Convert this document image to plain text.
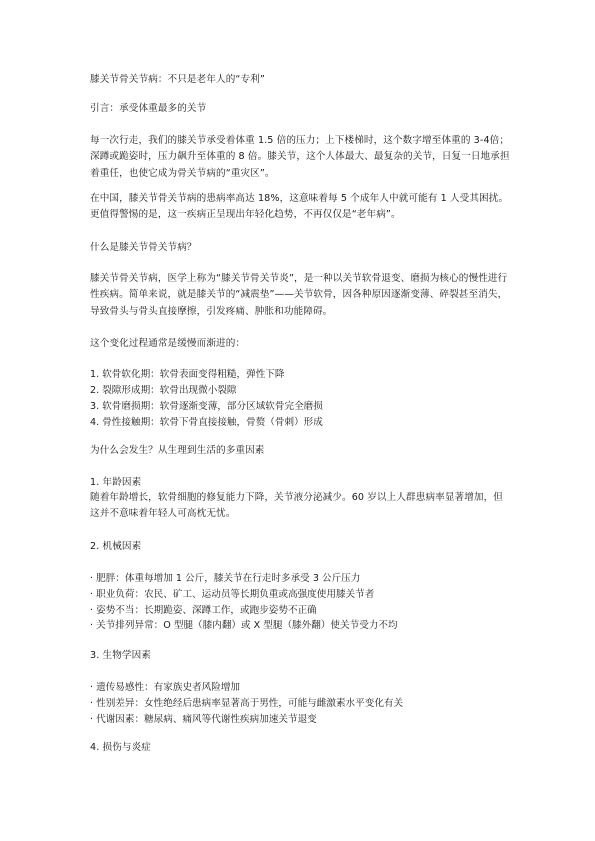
膝关节骨关节病：不只是老年人的“专利”

引言：承受体重最多的关节

每一次行走，我们的膝关节承受着体重 1.5 倍的压力；上下楼梯时，这个数字增至体重的 3-4倍；深蹲或跪姿时，压力飙升至体重的 8 倍。膝关节，这个人体最大、最复杂的关节，日复一日地承担着重任，也使它成为骨关节病的“重灾区”。

在中国，膝关节骨关节病的患病率高达 18%，这意味着每 5 个成年人中就可能有 1 人受其困扰。更值得警惕的是，这一疾病正呈现出年轻化趋势，不再仅仅是“老年病”。

什么是膝关节骨关节病？

膝关节骨关节病，医学上称为“膝关节骨关节炎”，是一种以关节软骨退变、磨损为核心的慢性进行性疾病。简单来说，就是膝关节的“减震垫”——关节软骨，因各种原因逐渐变薄、碎裂甚至消失，导致骨头与骨头直接摩擦，引发疼痛、肿胀和功能障碍。

这个变化过程通常是缓慢而渐进的：

1. 软骨软化期：软骨表面变得粗糙，弹性下降

2. 裂隙形成期：软骨出现微小裂隙

3. 软骨磨损期：软骨逐渐变薄，部分区域软骨完全磨损

4. 骨性接触期：软骨下骨直接接触，骨赘（骨刺）形成

为什么会发生？从生理到生活的多重因素

1. 年龄因素

随着年龄增长，软骨细胞的修复能力下降，关节液分泌减少。60 岁以上人群患病率显著增加，但这并不意味着年轻人可高枕无忧。

2. 机械因素

· 肥胖：体重每增加 1 公斤，膝关节在行走时多承受 3 公斤压力

· 职业负荷：农民、矿工、运动员等长期负重或高强度使用膝关节者

· 姿势不当：长期跪姿、深蹲工作，或跑步姿势不正确

· 关节排列异常：O 型腿（膝内翻）或 X 型腿（膝外翻）使关节受力不均

3. 生物学因素

· 遗传易感性：有家族史者风险增加

· 性别差异：女性绝经后患病率显著高于男性，可能与雌激素水平变化有关

· 代谢因素：糖尿病、痛风等代谢性疾病加速关节退变

4. 损伤与炎症
